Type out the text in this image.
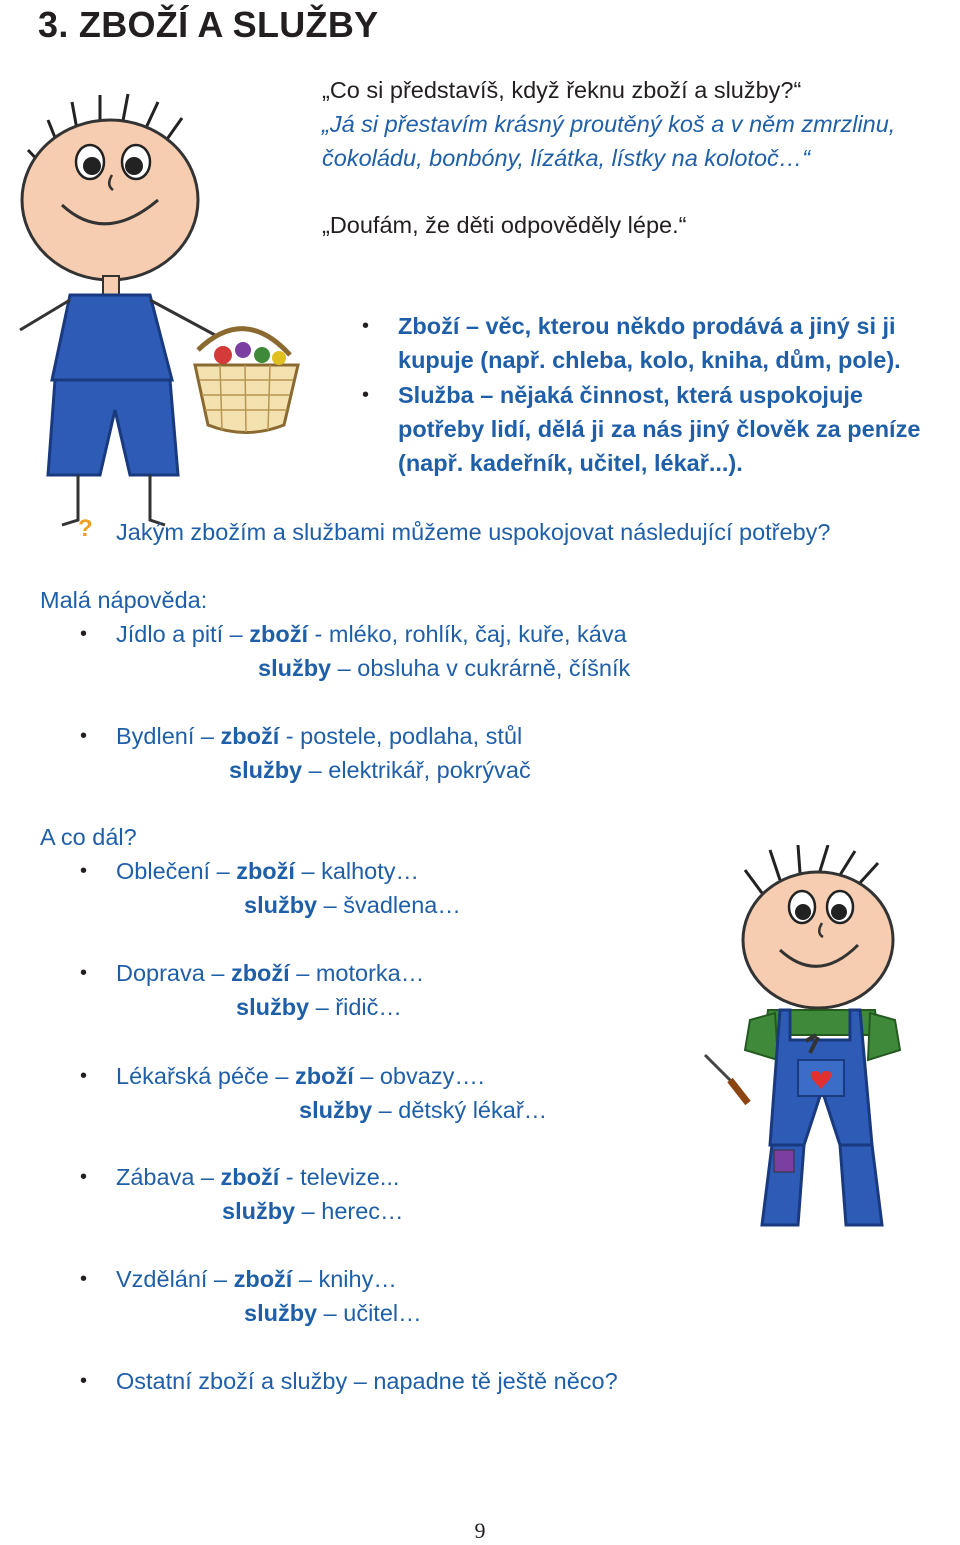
3. ZBOŽÍ A SLUŽBY
„Co si představíš, když řeknu zboží a služby?“
„Já si přestavím krásný proutěný koš a v něm zmrzlinu,
čokoládu, bonbóny, lízátka, lístky na kolotoč…“
„Doufám, že děti odpověděly lépe.“
• Zboží – věc, kterou někdo prodává a jiný si ji
kupuje (např. chleba, kolo, kniha, dům, pole).
• Služba – nějaká činnost, která uspokojuje
potřeby lidí, dělá ji za nás jiný člověk za peníze
(např. kadeřník, učitel, lékař...).
? Jakým zbožím a službami můžeme uspokojovat následující potřeby?
Malá nápověda:
• Jídlo a pití – zboží - mléko, rohlík, čaj, kuře, káva
služby – obsluha v cukrárně, číšník
• Bydlení – zboží - postele, podlaha, stůl
služby – elektrikář, pokrývač
A co dál?
• Oblečení – zboží – kalhoty…
služby – švadlena…
• Doprava – zboží – motorka…
služby – řidič…
• Lékařská péče – zboží – obvazy….
služby – dětský lékař…
• Zábava – zboží - televize...
služby – herec…
• Vzdělání – zboží – knihy…
služby – učitel…
• Ostatní zboží a služby – napadne tě ještě něco?
9
